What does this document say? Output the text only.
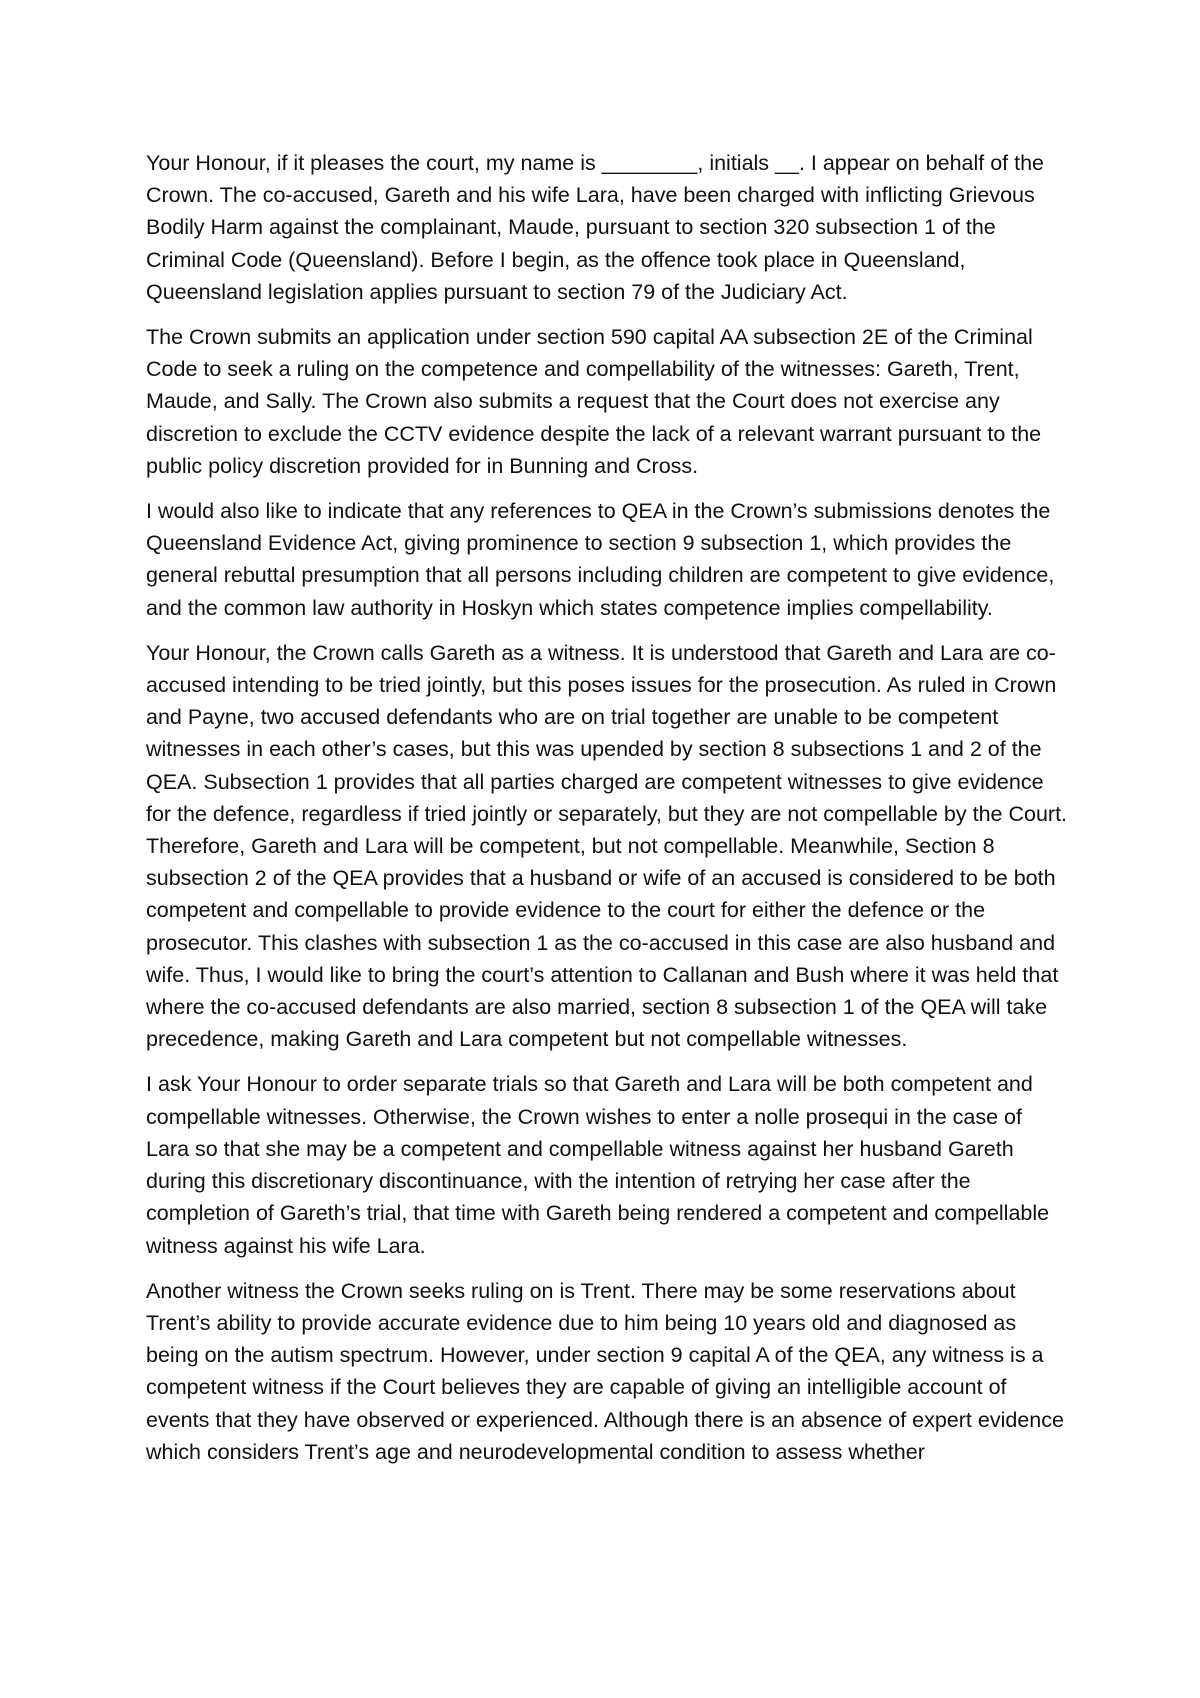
Your Honour, if it pleases the court, my name is ________, initials __. I appear on behalf of the Crown. The co-accused, Gareth and his wife Lara, have been charged with inflicting Grievous Bodily Harm against the complainant, Maude, pursuant to section 320 subsection 1 of the Criminal Code (Queensland). Before I begin, as the offence took place in Queensland, Queensland legislation applies pursuant to section 79 of the Judiciary Act.

The Crown submits an application under section 590 capital AA subsection 2E of the Criminal Code to seek a ruling on the competence and compellability of the witnesses: Gareth, Trent, Maude, and Sally. The Crown also submits a request that the Court does not exercise any discretion to exclude the CCTV evidence despite the lack of a relevant warrant pursuant to the public policy discretion provided for in Bunning and Cross.

I would also like to indicate that any references to QEA in the Crown’s submissions denotes the Queensland Evidence Act, giving prominence to section 9 subsection 1, which provides the general rebuttal presumption that all persons including children are competent to give evidence, and the common law authority in Hoskyn which states competence implies compellability.

Your Honour, the Crown calls Gareth as a witness. It is understood that Gareth and Lara are co-accused intending to be tried jointly, but this poses issues for the prosecution. As ruled in Crown and Payne, two accused defendants who are on trial together are unable to be competent witnesses in each other’s cases, but this was upended by section 8 subsections 1 and 2 of the QEA. Subsection 1 provides that all parties charged are competent witnesses to give evidence for the defence, regardless if tried jointly or separately, but they are not compellable by the Court. Therefore, Gareth and Lara will be competent, but not compellable. Meanwhile, Section 8 subsection 2 of the QEA provides that a husband or wife of an accused is considered to be both competent and compellable to provide evidence to the court for either the defence or the prosecutor. This clashes with subsection 1 as the co-accused in this case are also husband and wife. Thus, I would like to bring the court’s attention to Callanan and Bush where it was held that where the co-accused defendants are also married, section 8 subsection 1 of the QEA will take precedence, making Gareth and Lara competent but not compellable witnesses.

I ask Your Honour to order separate trials so that Gareth and Lara will be both competent and compellable witnesses. Otherwise, the Crown wishes to enter a nolle prosequi in the case of Lara so that she may be a competent and compellable witness against her husband Gareth during this discretionary discontinuance, with the intention of retrying her case after the completion of Gareth’s trial, that time with Gareth being rendered a competent and compellable witness against his wife Lara.

Another witness the Crown seeks ruling on is Trent. There may be some reservations about Trent’s ability to provide accurate evidence due to him being 10 years old and diagnosed as being on the autism spectrum. However, under section 9 capital A of the QEA, any witness is a competent witness if the Court believes they are capable of giving an intelligible account of events that they have observed or experienced. Although there is an absence of expert evidence which considers Trent’s age and neurodevelopmental condition to assess whether
